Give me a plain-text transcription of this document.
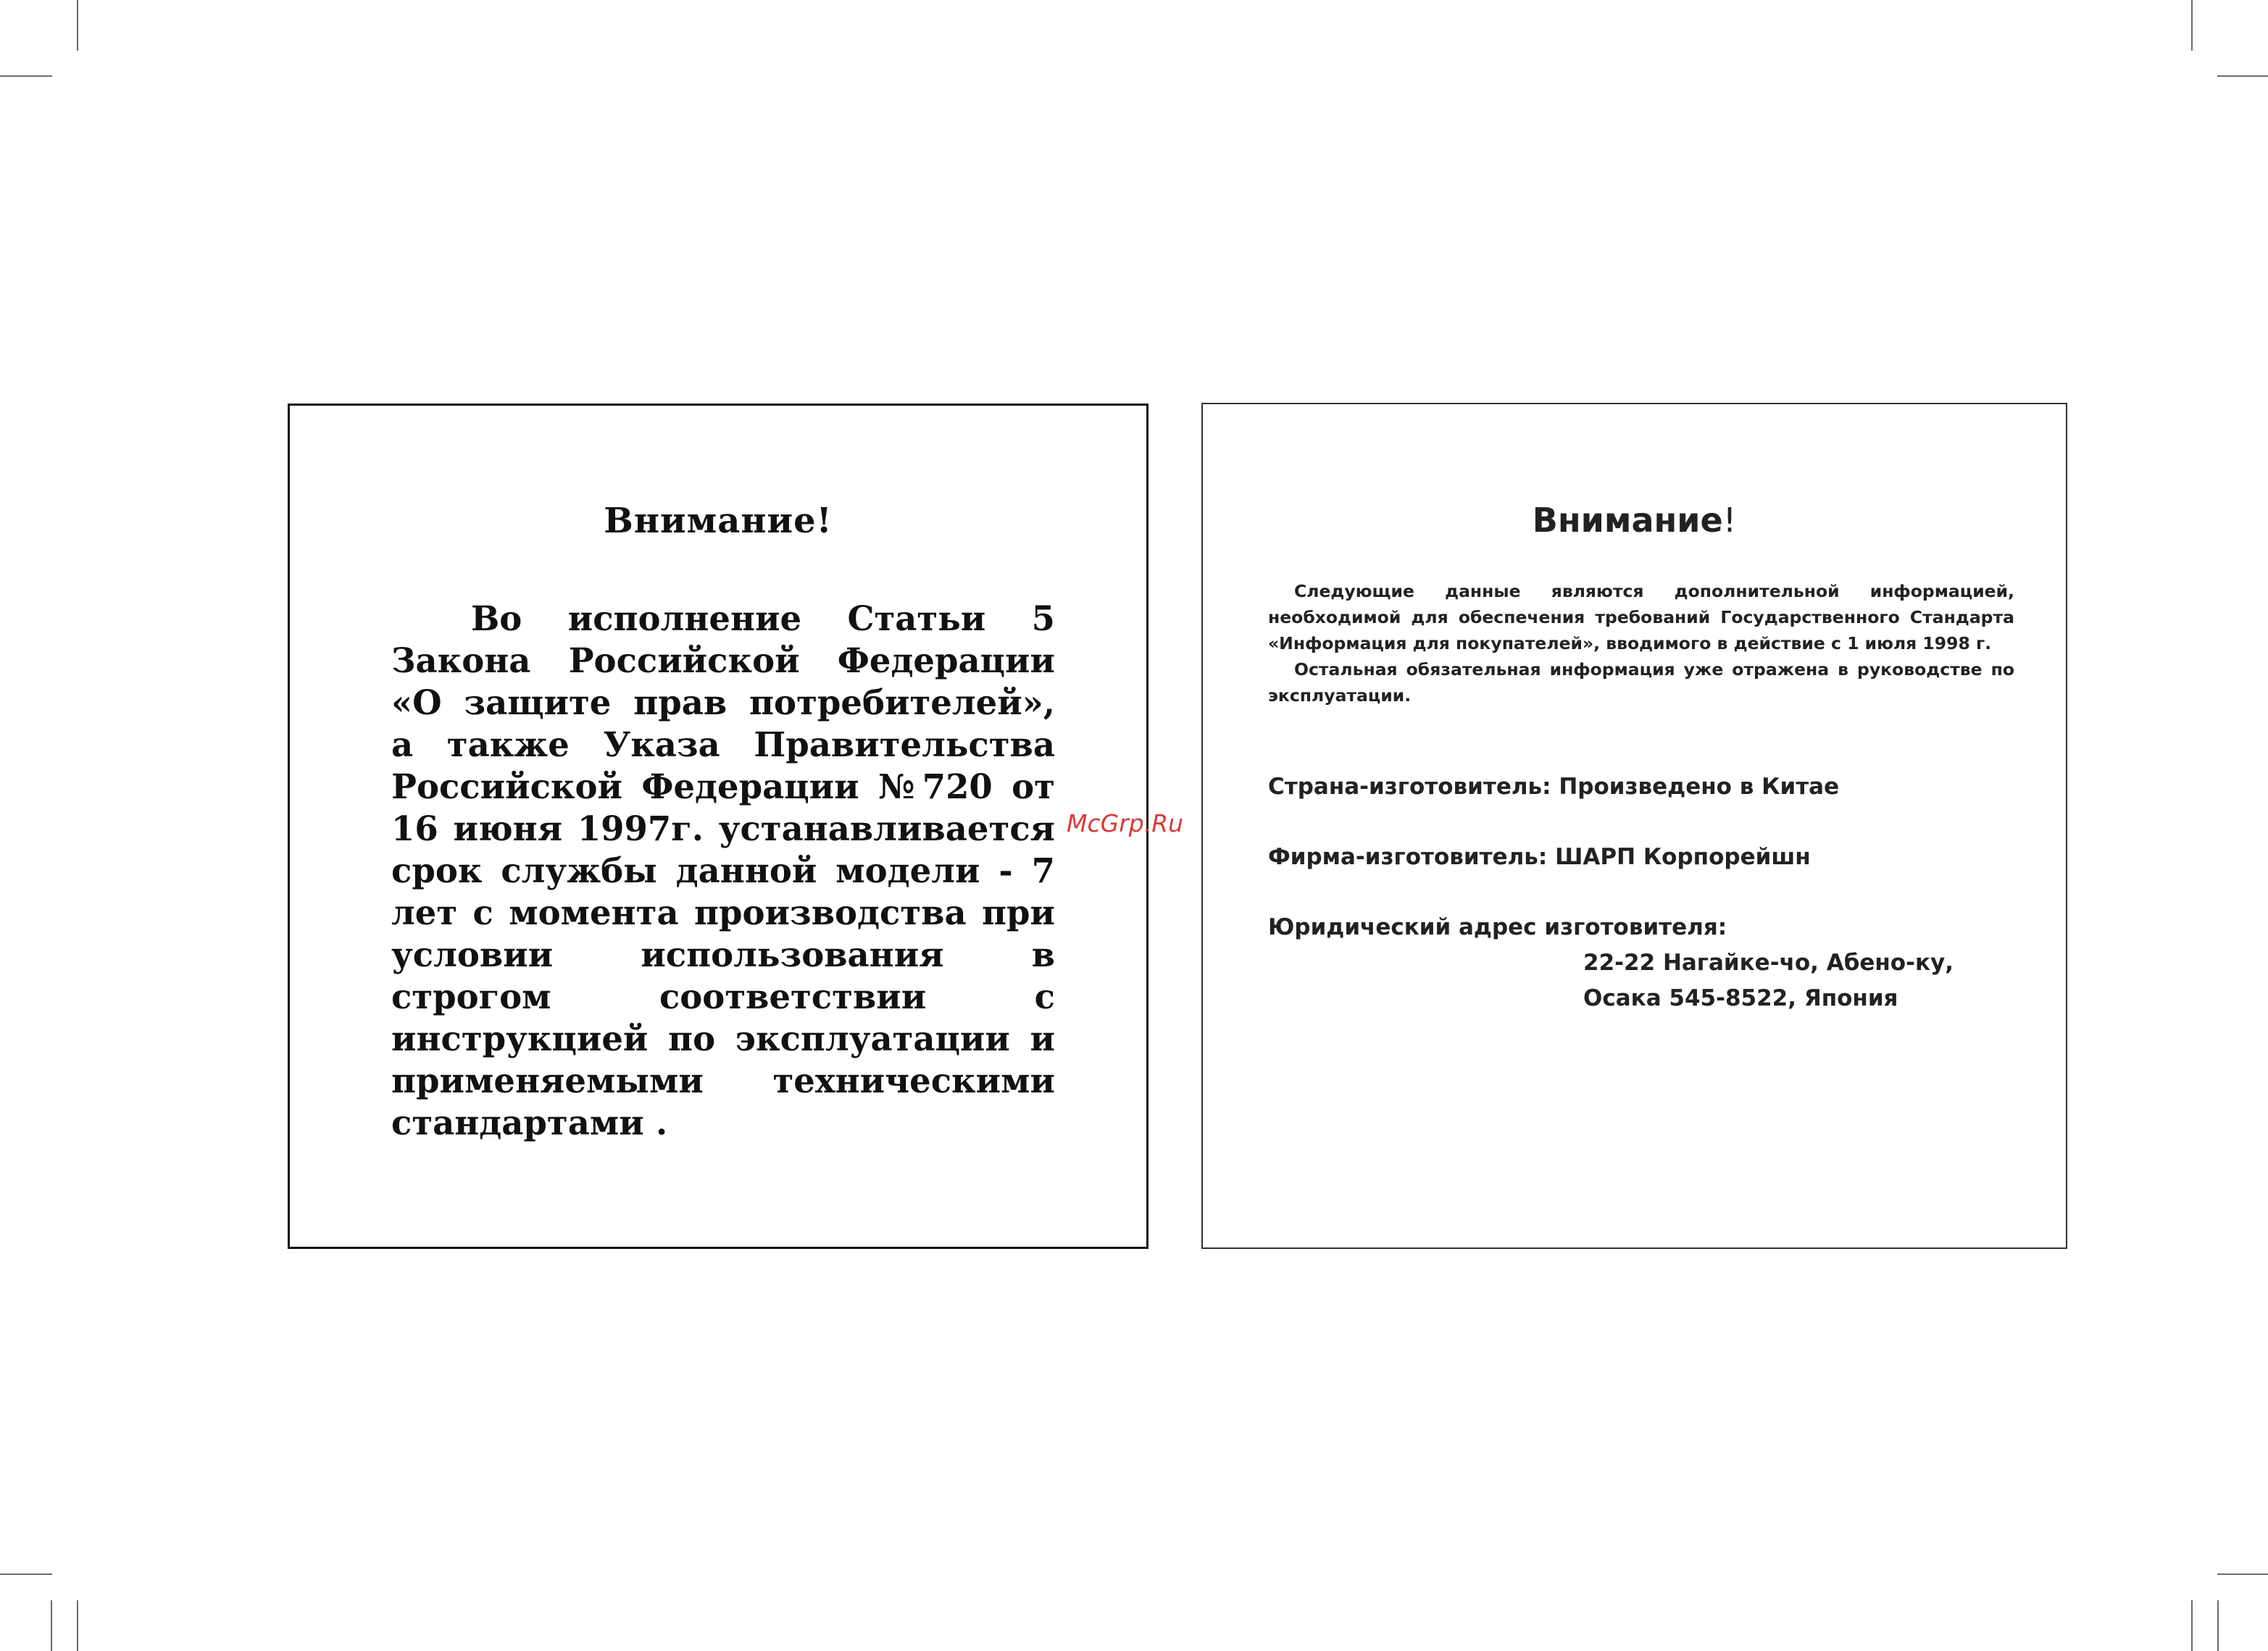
Внимание!

Во исполнение Статьи 5 Закона Российской Федерации «О защите прав потребителей», а также Указа Правительства Российской Федерации №720 от 16 июня 1997г. устанавливается срок службы данной модели - 7 лет с момента производства при условии использования в строгом соответствии с инструкцией по эксплуатации и применяемыми техническими стандартами .

Внимание!

Следующие данные являются дополнительной информацией, необходимой для обеспечения требований Государственного Стандарта «Информация для покупателей», вводимого в действие с 1 июля 1998 г.

Остальная обязательная информация уже отражена в руководстве по эксплуатации.

Страна-изготовитель: Произведено в Китае
Фирма-изготовитель: ШАРП Корпорейшн
Юридический адрес изготовителя:
22-22 Нагайке-чо, Абено-ку,
Осака 545-8522, Япония
McGrp.Ru
